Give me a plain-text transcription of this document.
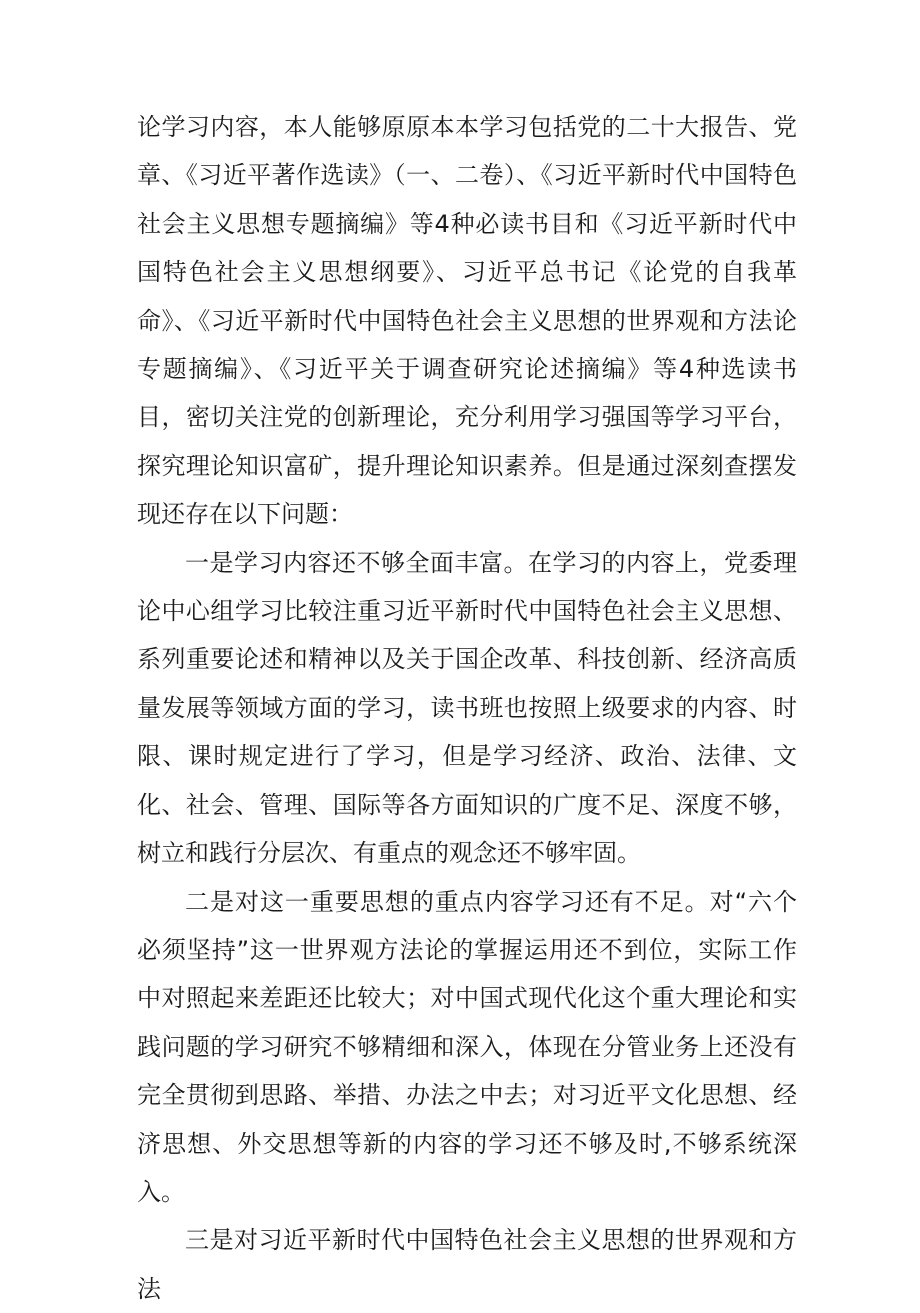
论学习内容，本人能够原原本本学习包括党的二十大报告、党章、《习近平著作选读》（一、二卷）、《习近平新时代中国特色社会主义思想专题摘编》等4种必读书目和《习近平新时代中国特色社会主义思想纲要》、习近平总书记《论党的自我革命》、《习近平新时代中国特色社会主义思想的世界观和方法论专题摘编》、《习近平关于调查研究论述摘编》等4种选读书目，密切关注党的创新理论，充分利用学习强国等学习平台，探究理论知识富矿，提升理论知识素养。但是通过深刻查摆发现还存在以下问题：

一是学习内容还不够全面丰富。在学习的内容上，党委理论中心组学习比较注重习近平新时代中国特色社会主义思想、系列重要论述和精神以及关于国企改革、科技创新、经济高质量发展等领域方面的学习，读书班也按照上级要求的内容、时限、课时规定进行了学习，但是学习经济、政治、法律、文化、社会、管理、国际等各方面知识的广度不足、深度不够，树立和践行分层次、有重点的观念还不够牢固。

二是对这一重要思想的重点内容学习还有不足。对“六个必须坚持”这一世界观方法论的掌握运用还不到位，实际工作中对照起来差距还比较大；对中国式现代化这个重大理论和实践问题的学习研究不够精细和深入，体现在分管业务上还没有完全贯彻到思路、举措、办法之中去；对习近平文化思想、经济思想、外交思想等新的内容的学习还不够及时,不够系统深入。

三是对习近平新时代中国特色社会主义思想的世界观和方法
